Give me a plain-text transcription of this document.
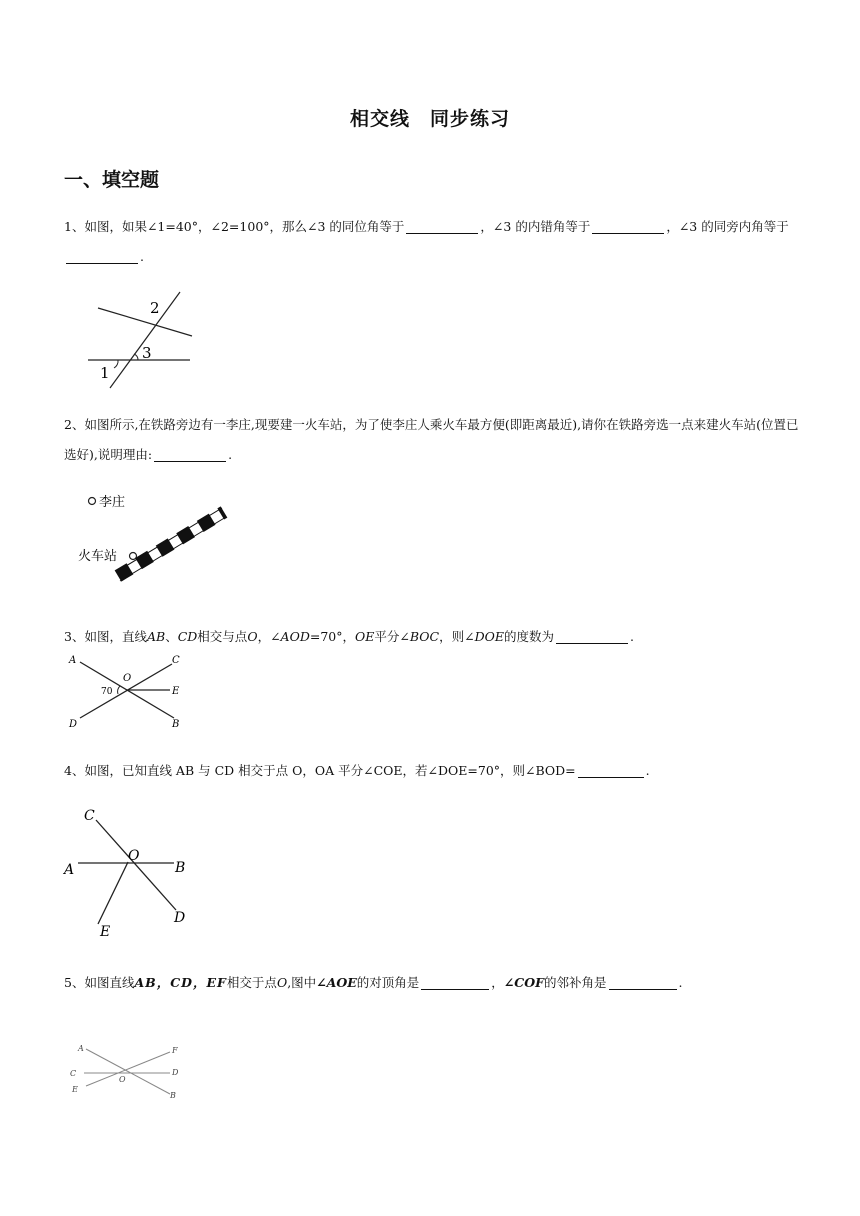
相交线　同步练习
一、填空题
1、如图，如果∠1=40°，∠2=100°，那么∠3 的同位角等于	，∠3 的内错角等于	，∠3 的同旁内角等于.
1
2
3
2、如图所示,在铁路旁边有一李庄,现要建一火车站，为了使李庄人乘火车最方便(即距离最近),请你在铁路旁选一点来建火车站(位置已选好),说明理由:	.
李庄
火车站
3、如图，直线AB、CD相交与点O，∠AOD=70°，OE平分∠BOC，则∠DOE的度数为	.
A	C
E
D	B
O
70
4、如图，已知直线 AB 与 CD 相交于点 O，OA 平分∠COE，若∠DOE=70°，则∠BOD=	.
C
A
O
B
D
E
5、如图直线AB，CD，EF相交于点O,图中∠AOE的对顶角是	，∠COF的邻补角是	.
A
C
E
F
D
B
O
